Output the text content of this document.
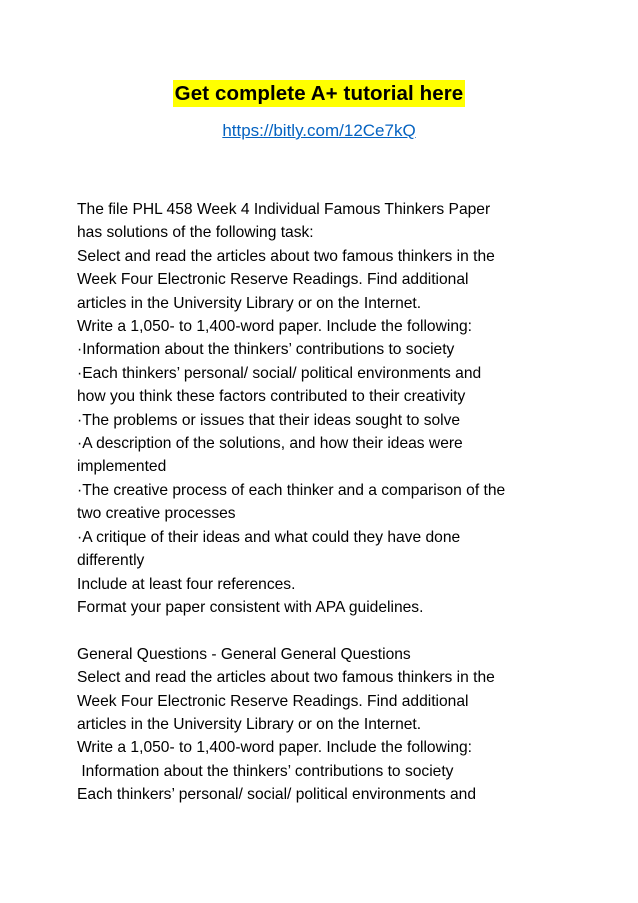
Get complete A+ tutorial here
https://bitly.com/12Ce7kQ
The file PHL 458 Week 4 Individual Famous Thinkers Paper
has solutions of the following task:
Select and read the articles about two famous thinkers in the
Week Four Electronic Reserve Readings. Find additional
articles in the University Library or on the Internet.
Write a 1,050- to 1,400-word paper. Include the following:
·Information about the thinkers’ contributions to society
·Each thinkers’ personal/ social/ political environments and
how you think these factors contributed to their creativity
·The problems or issues that their ideas sought to solve
·A description of the solutions, and how their ideas were
implemented
·The creative process of each thinker and a comparison of the
two creative processes
·A critique of their ideas and what could they have done
differently
Include at least four references.
Format your paper consistent with APA guidelines.
General Questions - General General Questions
Select and read the articles about two famous thinkers in the
Week Four Electronic Reserve Readings. Find additional
articles in the University Library or on the Internet.
Write a 1,050- to 1,400-word paper. Include the following:
Information about the thinkers’ contributions to society
Each thinkers’ personal/ social/ political environments and
